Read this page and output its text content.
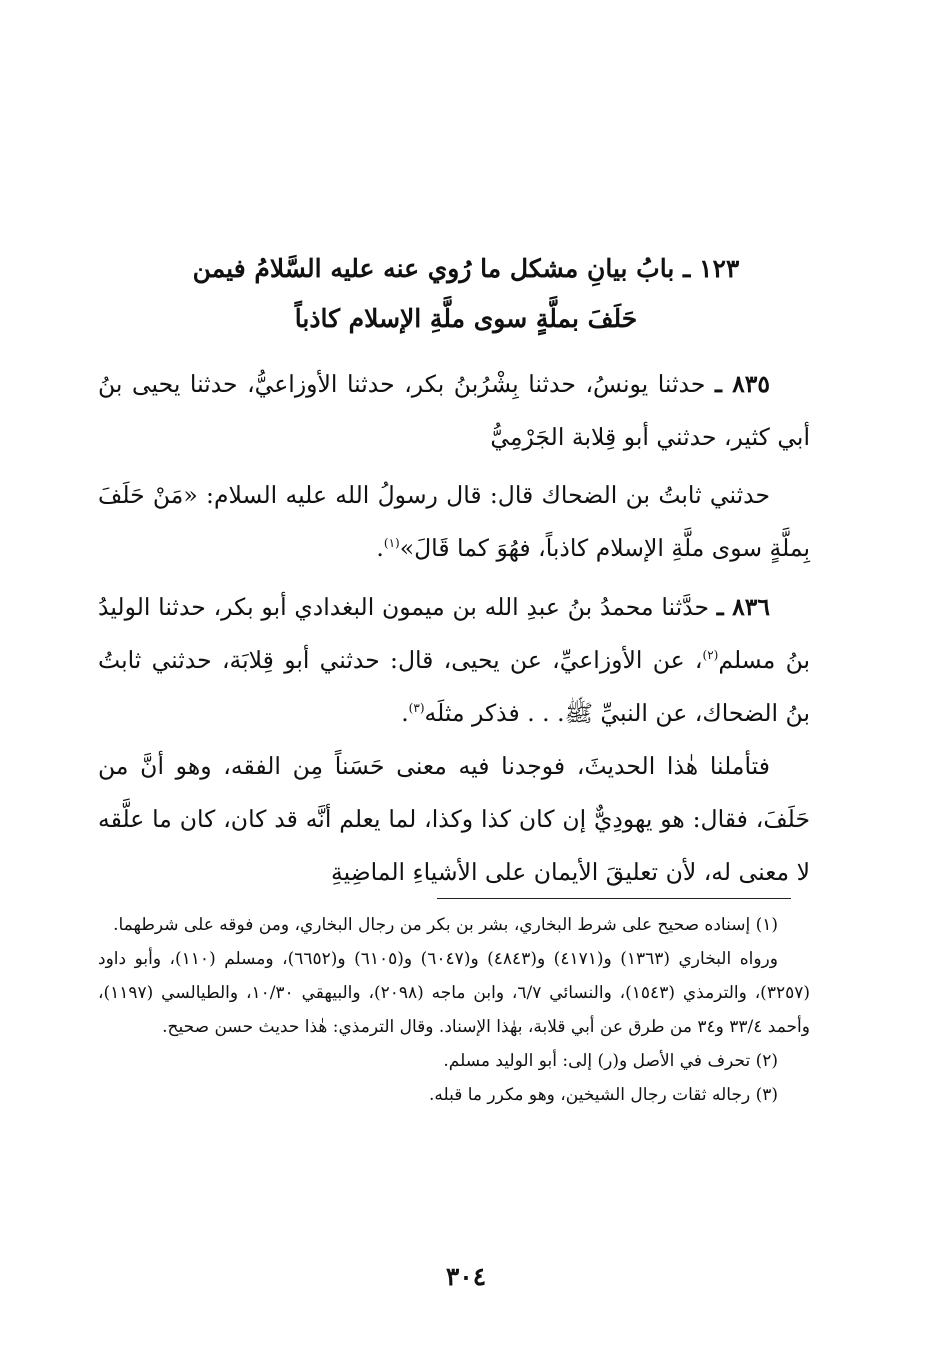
١٢٣ ـ بابُ بيانِ مشكل ما رُوي عنه عليه السَّلامُ فيمن
حَلَفَ بملَّةٍ سوى ملَّةِ الإسلام كاذباً
٨٣٥ ـ حدثنا يونسُ، حدثنا بِشْرُبنُ بكر، حدثنا الأوزاعيُّ، حدثنا يحيى بنُ أبي كثير، حدثني أبو قِلابة الجَرْمِيُّ
حدثني ثابتُ بن الضحاك قال: قال رسولُ الله عليه السلام: «مَنْ حَلَفَ بِملَّةٍ سوى ملَّةِ الإسلام كاذباً، فهُوَ كما قَالَ»$^{(١)}$.
٨٣٦ ـ حدَّثنا محمدُ بنُ عبدِ الله بن ميمون البغدادي أبو بكر، حدثنا الوليدُ بنُ مسلم$^{(٢)}$، عن الأوزاعيِّ، عن يحيى، قال: حدثني أبو قِلابَة، حدثني ثابتُ بنُ الضحاك، عن النبيِّ ﷺ. . . فذكر مثلَه$^{(٣)}$.
فتأملنا هٰذا الحديثَ، فوجدنا فيه معنى حَسَناً مِن الفقه، وهو أنَّ من حَلَفَ، فقال: هو يهودِيٌّ إن كان كذا وكذا، لما يعلم أنَّه قد كان، كان ما علَّقه لا معنى له، لأن تعليقَ الأيمان على الأشياءِ الماضِيةِ

(١) إسناده صحيح على شرط البخاري، بشر بن بكر من رجال البخاري، ومن فوقه على شرطهما.

ورواه البخاري (١٣٦٣) و(٤١٧١) و(٤٨٤٣) و(٦٠٤٧) و(٦١٠٥) و(٦٦٥٢)، ومسلم (١١٠)، وأبو داود (٣٢٥٧)، والترمذي (١٥٤٣)، والنسائي ٦/٧، وابن ماجه (٢٠٩٨)، والبيهقي ١٠/٣٠، والطيالسي (١١٩٧)، وأحمد ٣٣/٤ و٣٤ من طرق عن أبي قلابة، بهٰذا الإسناد. وقال الترمذي: هٰذا حديث حسن صحيح.

(٢) تحرف في الأصل و(ر) إلى: أبو الوليد مسلم.

(٣) رجاله ثقات رجال الشيخين، وهو مكرر ما قبله.

٣٠٤
